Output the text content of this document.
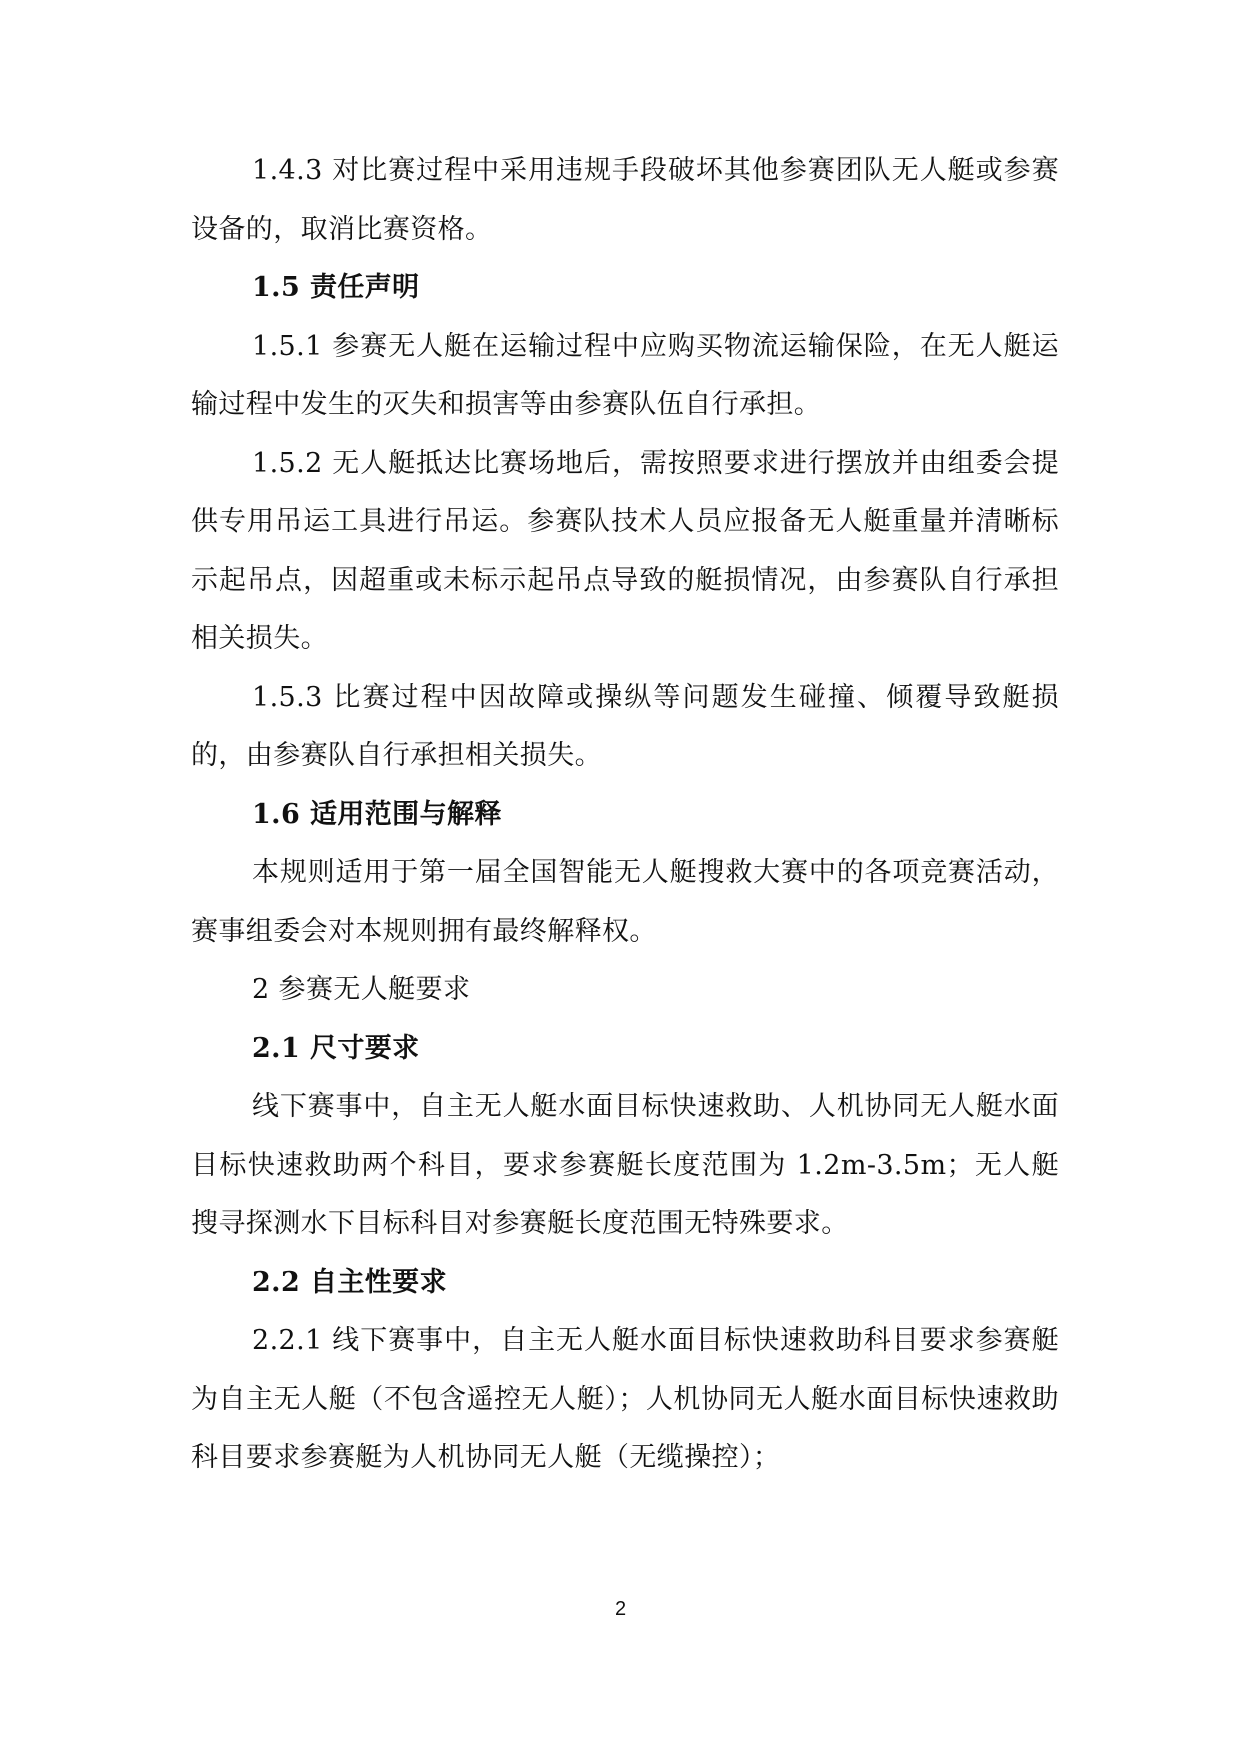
1.4.3 对比赛过程中采用违规手段破坏其他参赛团队无人艇或参赛设备的，取消比赛资格。

1.5 责任声明

1.5.1 参赛无人艇在运输过程中应购买物流运输保险，在无人艇运输过程中发生的灭失和损害等由参赛队伍自行承担。

1.5.2 无人艇抵达比赛场地后，需按照要求进行摆放并由组委会提供专用吊运工具进行吊运。参赛队技术人员应报备无人艇重量并清晰标示起吊点，因超重或未标示起吊点导致的艇损情况，由参赛队自行承担相关损失。

1.5.3 比赛过程中因故障或操纵等问题发生碰撞、倾覆导致艇损的，由参赛队自行承担相关损失。

1.6 适用范围与解释

本规则适用于第一届全国智能无人艇搜救大赛中的各项竞赛活动，赛事组委会对本规则拥有最终解释权。

2 参赛无人艇要求

2.1 尺寸要求

线下赛事中，自主无人艇水面目标快速救助、人机协同无人艇水面目标快速救助两个科目，要求参赛艇长度范围为 1.2m-3.5m；无人艇搜寻探测水下目标科目对参赛艇长度范围无特殊要求。

2.2 自主性要求

2.2.1 线下赛事中，自主无人艇水面目标快速救助科目要求参赛艇为自主无人艇（不包含遥控无人艇）；人机协同无人艇水面目标快速救助科目要求参赛艇为人机协同无人艇（无缆操控）；

2
